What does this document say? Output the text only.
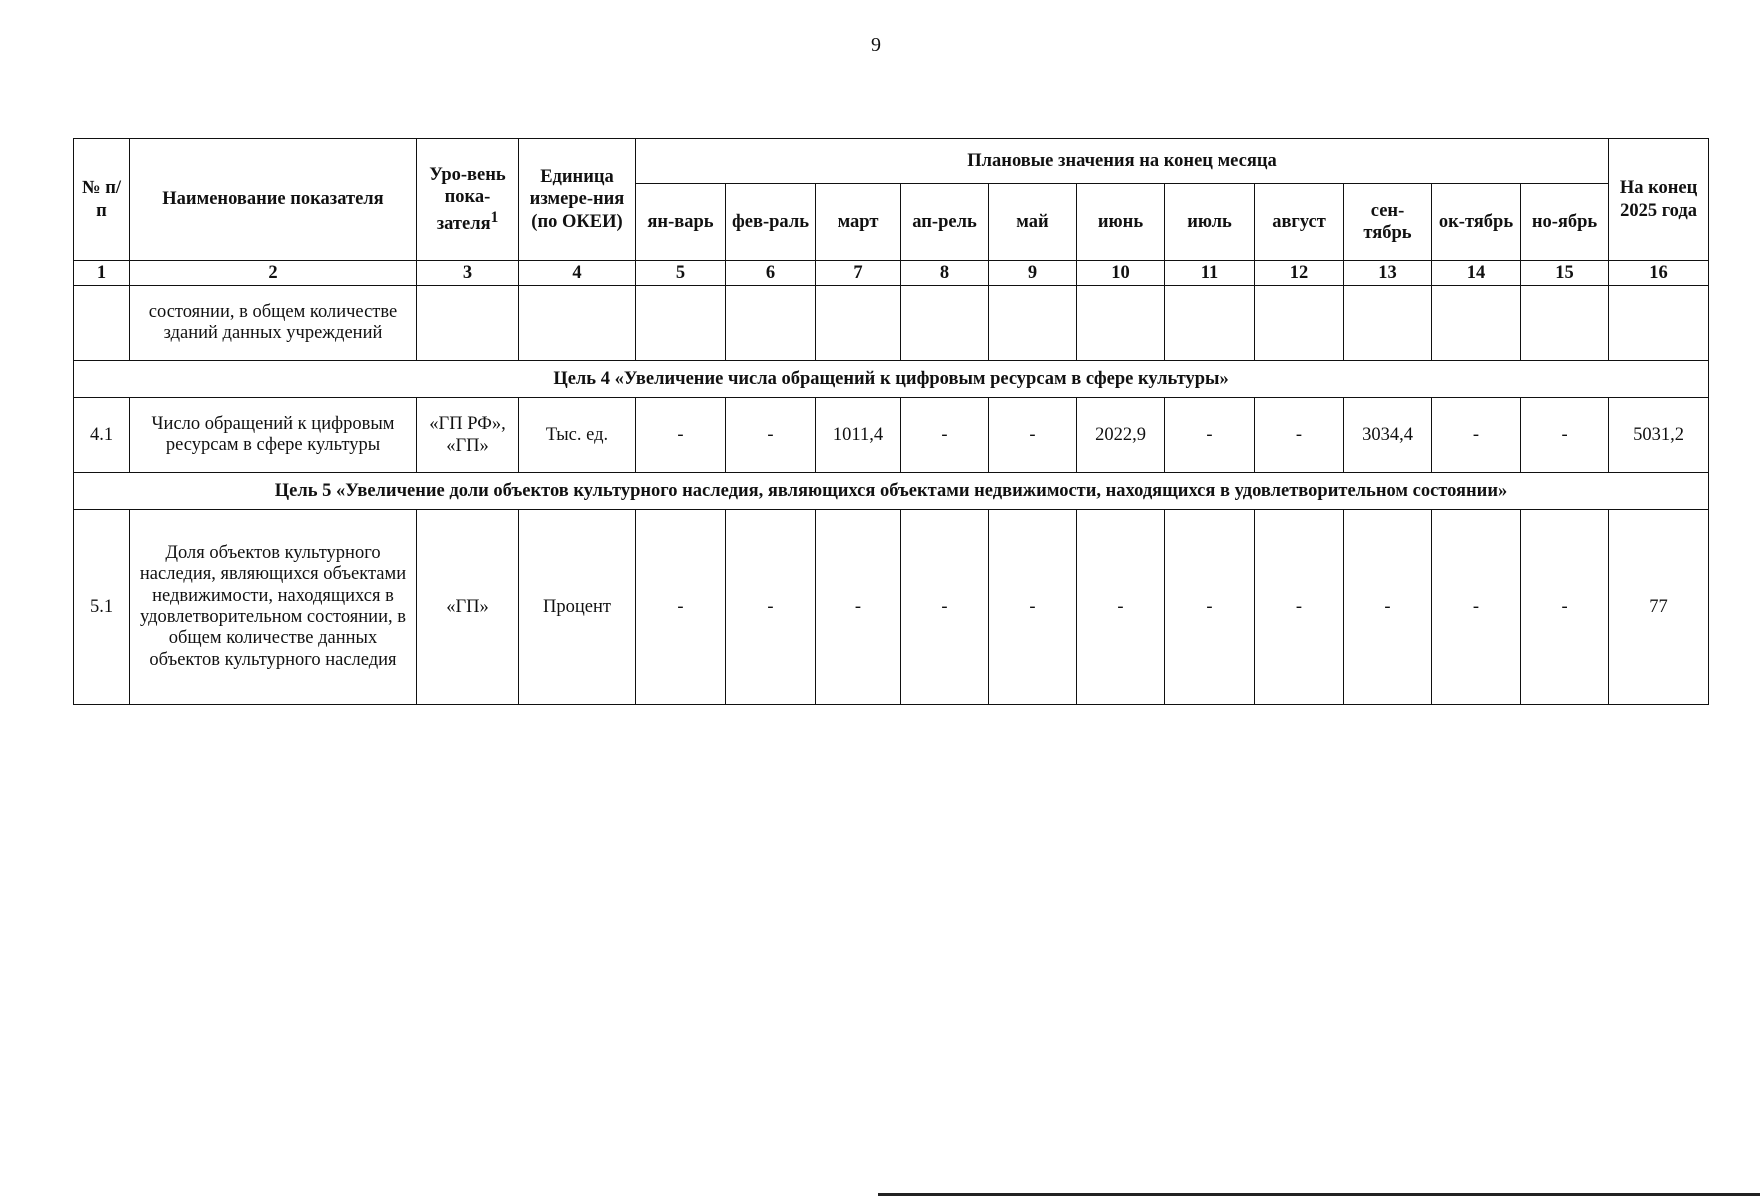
9
№ п/п	Наименование показателя	Уро-вень пока-зателя$^1$	Единица измере-ния (по ОКЕИ)	Плановые значения на конец месяца											На конец 2025 года
				ян-варь	фев-раль	март	ап-рель	май	июнь	июль	август	сен-тябрь	ок-тябрь	но-ябрь	
1	2	3	4	5	6	7	8	9	10	11	12	13	14	15	16
	состоянии, в общем количестве зданий данных учреждений														
Цель 4 «Увеличение числа обращений к цифровым ресурсам в сфере культуры»															
4.1	Число обращений к цифровым ресурсам в сфере культуры	«ГП РФ», «ГП»	Тыс. ед.	-	-	1011,4	-	-	2022,9	-	-	3034,4	-	-	5031,2
Цель 5 «Увеличение доли объектов культурного наследия, являющихся объектами недвижимости, находящихся в удовлетворительном состоянии»															
5.1	Доля объектов культурного наследия, являющихся объектами недвижимости, находящихся в удовлетворительном состоянии, в общем количестве данных объектов культурного наследия	«ГП»	Процент	-	-	-	-	-	-	-	-	-	-	-	77
